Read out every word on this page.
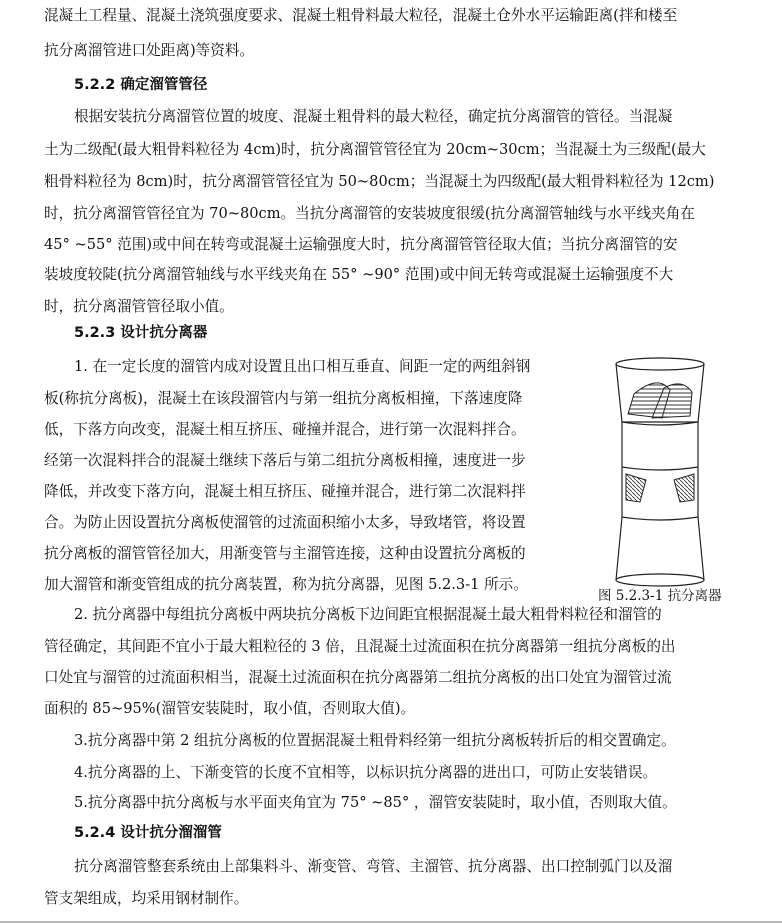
混凝土工程量、混凝土浇筑强度要求、混凝土粗骨料最大粒径，混凝土仓外水平运输距离(拌和楼至
抗分离溜管进口处距离)等资料。
5.2.2 确定溜管管径
根据安装抗分离溜管位置的坡度、混凝土粗骨料的最大粒径，确定抗分离溜管的管径。当混凝
土为二级配(最大粗骨料粒径为 4cm)时，抗分离溜管管径宜为 20cm~30cm；当混凝土为三级配(最大
粗骨料粒径为 8cm)时，抗分离溜管管径宜为 50~80cm；当混凝土为四级配(最大粗骨料粒径为 12cm)
时，抗分离溜管管径宜为 70~80cm。当抗分离溜管的安装坡度很缓(抗分离溜管轴线与水平线夹角在
45° ~55° 范围)或中间在转弯或混凝土运输强度大时，抗分离溜管管径取大值；当抗分离溜管的安
装坡度较陡(抗分离溜管轴线与水平线夹角在 55° ~90° 范围)或中间无转弯或混凝土运输强度不大
时，抗分离溜管管径取小值。
5.2.3 设计抗分离器
1. 在一定长度的溜管内成对设置且出口相互垂直、间距一定的两组斜钢
板(称抗分离板)，混凝土在该段溜管内与第一组抗分离板相撞，下落速度降
低，下落方向改变，混凝土相互挤压、碰撞并混合，进行第一次混料拌合。
经第一次混料拌合的混凝土继续下落后与第二组抗分离板相撞，速度进一步
降低，并改变下落方向，混凝土相互挤压、碰撞并混合，进行第二次混料拌
合。为防止因设置抗分离板使溜管的过流面积缩小太多，导致堵管，将设置
抗分离板的溜管管径加大，用渐变管与主溜管连接，这种由设置抗分离板的
加大溜管和渐变管组成的抗分离装置，称为抗分离器，见图 5.2.3-1 所示。
2. 抗分离器中每组抗分离板中两块抗分离板下边间距宜根据混凝土最大粗骨料粒径和溜管的
管径确定，其间距不宜小于最大粗粒径的 3 倍，且混凝土过流面积在抗分离器第一组抗分离板的出
口处宜与溜管的过流面积相当，混凝土过流面积在抗分离器第二组抗分离板的出口处宜为溜管过流
面积的 85~95%(溜管安装陡时，取小值，否则取大值)。
3.抗分离器中第 2 组抗分离板的位置据混凝土粗骨料经第一组抗分离板转折后的相交置确定。
4.抗分离器的上、下渐变管的长度不宜相等，以标识抗分离器的进出口，可防止安装错误。
5.抗分离器中抗分离板与水平面夹角宜为 75° ~85° ，溜管安装陡时，取小值，否则取大值。
5.2.4 设计抗分溜溜管
抗分离溜管整套系统由上部集料斗、渐变管、弯管、主溜管、抗分离器、出口控制弧门以及溜
管支架组成，均采用钢材制作。
图 5.2.3-1 抗分离器
